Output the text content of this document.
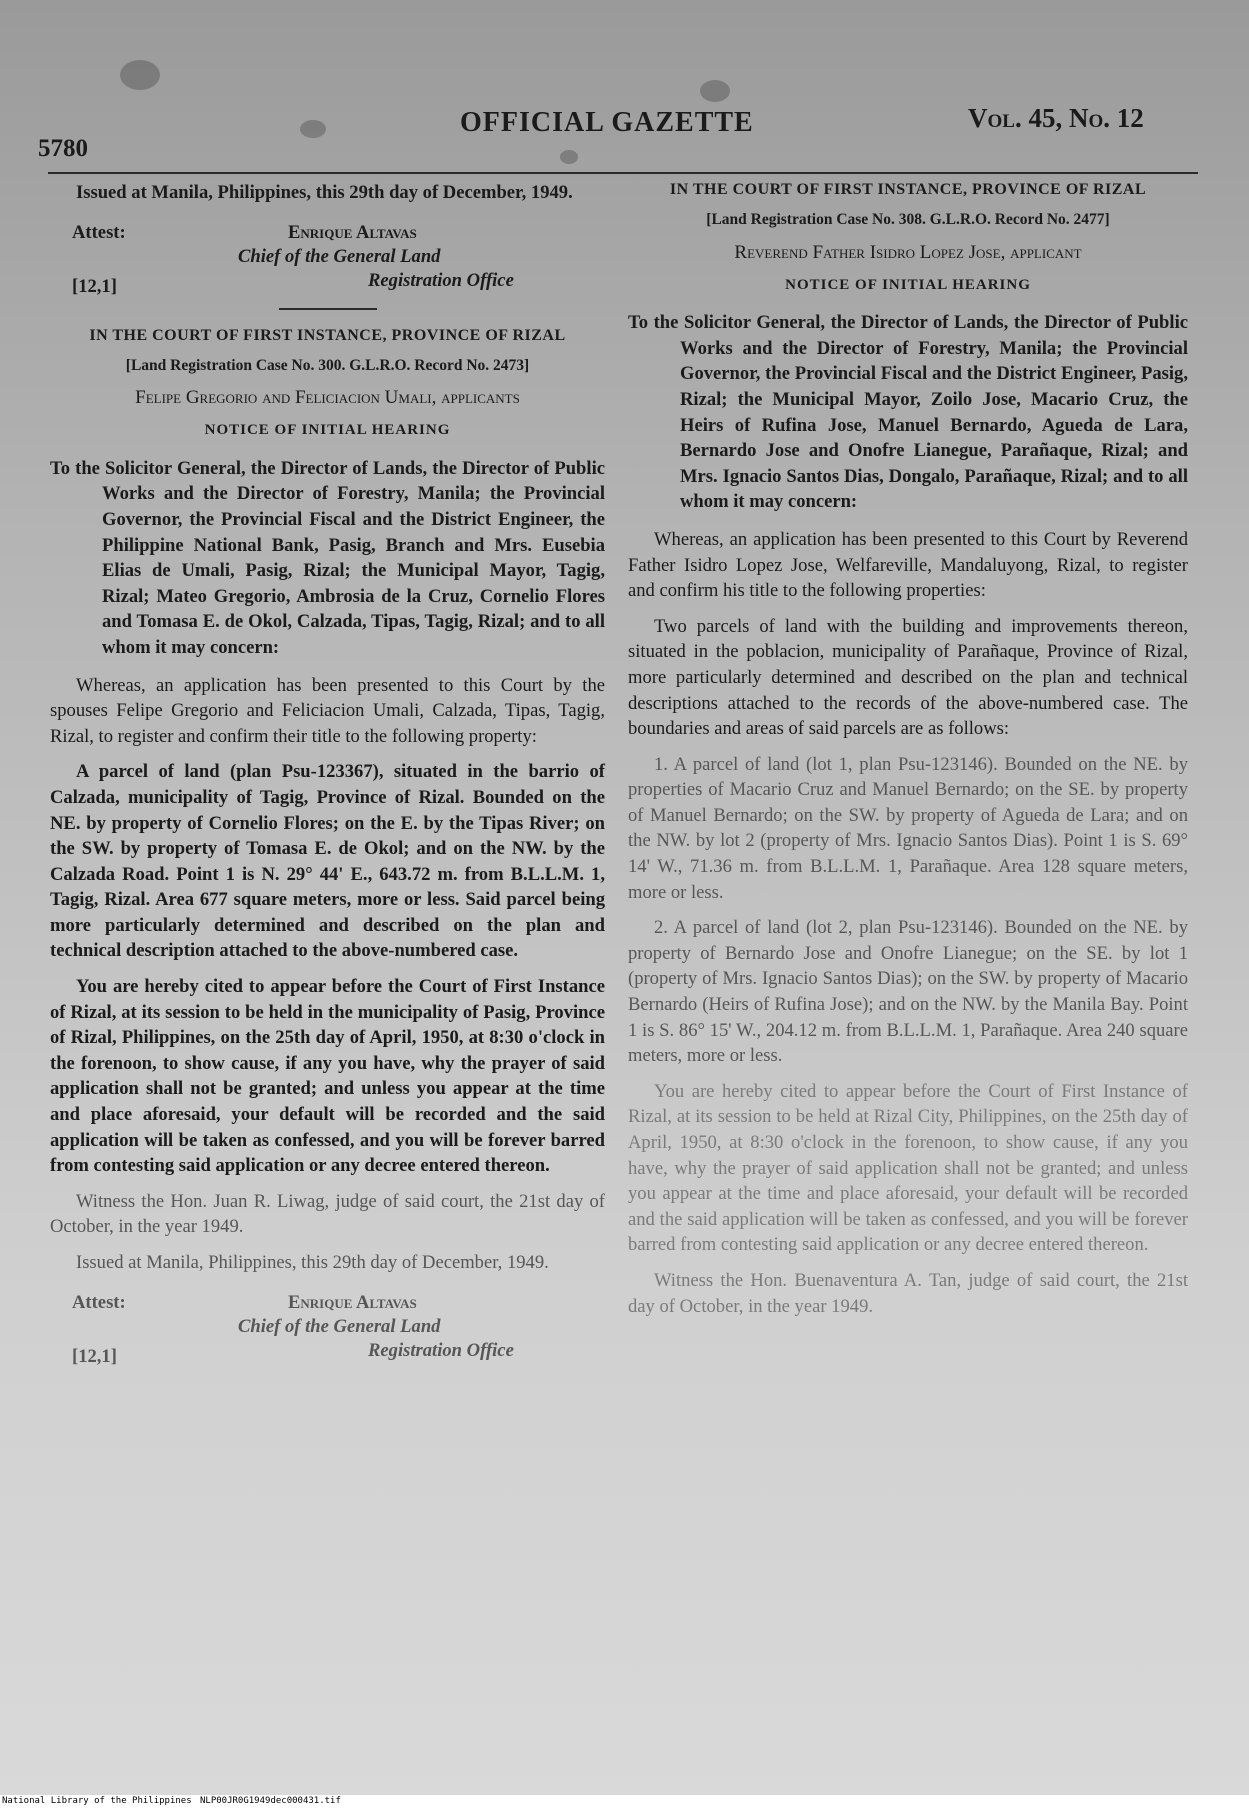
5780
OFFICIAL GAZETTE	Vol. 45, No. 12

Issued at Manila, Philippines, this 29th day of December, 1949.

Attest:	Enrique Altavas
Chief of the General Land
Registration Office
[12,1]
IN THE COURT OF FIRST INSTANCE, PROVINCE OF RIZAL
[Land Registration Case No. 300. G.L.R.O. Record No. 2473]
Felipe Gregorio and Feliciacion Umali, applicants
NOTICE OF INITIAL HEARING
To the Solicitor General, the Director of Lands, the Director of Public Works and the Director of Forestry, Manila; the Provincial Governor, the Provincial Fiscal and the District Engineer, the Philippine National Bank, Pasig, Branch and Mrs. Eusebia Elias de Umali, Pasig, Rizal; the Municipal Mayor, Tagig, Rizal; Mateo Gregorio, Ambrosia de la Cruz, Cornelio Flores and Tomasa E. de Okol, Calzada, Tipas, Tagig, Rizal; and to all whom it may concern:

Whereas, an application has been presented to this Court by the spouses Felipe Gregorio and Feliciacion Umali, Calzada, Tipas, Tagig, Rizal, to register and confirm their title to the following property:

A parcel of land (plan Psu-123367), situated in the barrio of Calzada, municipality of Tagig, Province of Rizal. Bounded on the NE. by property of Cornelio Flores; on the E. by the Tipas River; on the SW. by property of Tomasa E. de Okol; and on the NW. by the Calzada Road. Point 1 is N. 29° 44' E., 643.72 m. from B.L.L.M. 1, Tagig, Rizal. Area 677 square meters, more or less. Said parcel being more particularly determined and described on the plan and technical description attached to the above-numbered case.

You are hereby cited to appear before the Court of First Instance of Rizal, at its session to be held in the municipality of Pasig, Province of Rizal, Philippines, on the 25th day of April, 1950, at 8:30 o'clock in the forenoon, to show cause, if any you have, why the prayer of said application shall not be granted; and unless you appear at the time and place aforesaid, your default will be recorded and the said application will be taken as confessed, and you will be forever barred from contesting said application or any decree entered thereon.

Witness the Hon. Juan R. Liwag, judge of said court, the 21st day of October, in the year 1949.

Issued at Manila, Philippines, this 29th day of December, 1949.

Attest:	Enrique Altavas
Chief of the General Land
Registration Office
[12,1]
IN THE COURT OF FIRST INSTANCE, PROVINCE OF RIZAL
[Land Registration Case No. 308. G.L.R.O. Record No. 2477]
Reverend Father Isidro Lopez Jose, applicant
NOTICE OF INITIAL HEARING
To the Solicitor General, the Director of Lands, the Director of Public Works and the Director of Forestry, Manila; the Provincial Governor, the Provincial Fiscal and the District Engineer, Pasig, Rizal; the Municipal Mayor, Zoilo Jose, Macario Cruz, the Heirs of Rufina Jose, Manuel Bernardo, Agueda de Lara, Bernardo Jose and Onofre Lianegue, Parañaque, Rizal; and Mrs. Ignacio Santos Dias, Dongalo, Parañaque, Rizal; and to all whom it may concern:

Whereas, an application has been presented to this Court by Reverend Father Isidro Lopez Jose, Welfareville, Mandaluyong, Rizal, to register and confirm his title to the following properties:

Two parcels of land with the building and improvements thereon, situated in the poblacion, municipality of Parañaque, Province of Rizal, more particularly determined and described on the plan and technical descriptions attached to the records of the above-numbered case. The boundaries and areas of said parcels are as follows:

1. A parcel of land (lot 1, plan Psu-123146). Bounded on the NE. by properties of Macario Cruz and Manuel Bernardo; on the SE. by property of Manuel Bernardo; on the SW. by property of Agueda de Lara; and on the NW. by lot 2 (property of Mrs. Ignacio Santos Dias). Point 1 is S. 69° 14' W., 71.36 m. from B.L.L.M. 1, Parañaque. Area 128 square meters, more or less.

2. A parcel of land (lot 2, plan Psu-123146). Bounded on the NE. by property of Bernardo Jose and Onofre Lianegue; on the SE. by lot 1 (property of Mrs. Ignacio Santos Dias); on the SW. by property of Macario Bernardo (Heirs of Rufina Jose); and on the NW. by the Manila Bay. Point 1 is S. 86° 15' W., 204.12 m. from B.L.L.M. 1, Parañaque. Area 240 square meters, more or less.

You are hereby cited to appear before the Court of First Instance of Rizal, at its session to be held at Rizal City, Philippines, on the 25th day of April, 1950, at 8:30 o'clock in the forenoon, to show cause, if any you have, why the prayer of said application shall not be granted; and unless you appear at the time and place aforesaid, your default will be recorded and the said application will be taken as confessed, and you will be forever barred from contesting said application or any decree entered thereon.

Witness the Hon. Buenaventura A. Tan, judge of said court, the 21st day of October, in the year 1949.

National Library of the Philippines NLP00JR0G1949dec000431.tif
